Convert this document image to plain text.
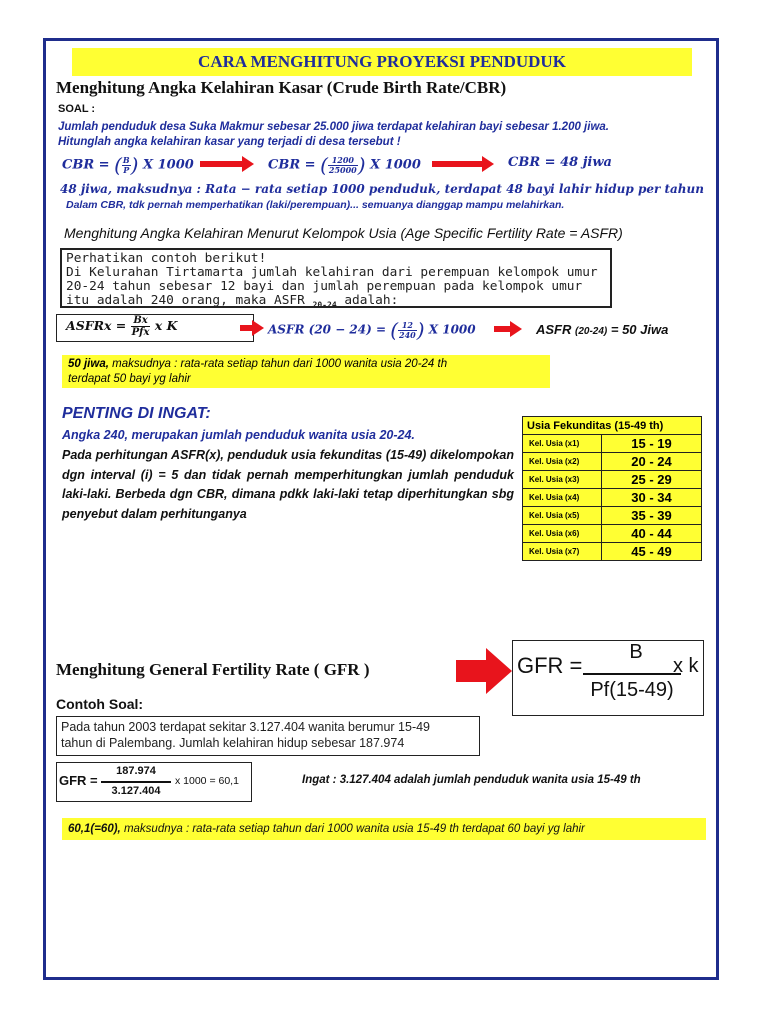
CARA MENGHITUNG PROYEKSI PENDUDUK
Menghitung Angka Kelahiran Kasar (Crude Birth Rate/CBR)
SOAL :
Jumlah penduduk desa Suka Makmur sebesar 25.000 jiwa terdapat kelahiran bayi sebesar 1.200 jiwa.
Hitunglah angka kelahiran kasar yang terjadi di desa tersebut !
CBR = ( $\frac{B}{P}$ ) X 1000	CBR = ( $\frac{1200}{25000}$ ) X 1000	CBR = 48 jiwa
48 jiwa, maksudnya : Rata − rata setiap 1000 penduduk, terdapat 48 bayi lahir hidup per tahun
Dalam CBR, tdk pernah memperhatikan (laki/perempuan)... semuanya dianggap mampu melahirkan.
Menghitung Angka Kelahiran Menurut Kelompok Usia (Age Specific Fertility Rate = ASFR)
Perhatikan contoh berikut!
Di Kelurahan Tirtamarta jumlah kelahiran dari perempuan kelompok umur
20-24 tahun sebesar 12 bayi dan jumlah perempuan pada kelompok umur
itu adalah 240 orang, maka ASFR $_{20-24}$ adalah:
ASFRx = $\frac{Bx}{\text{Pfx}}$ x K	ASFR (20 − 24) = ( $\frac{12}{240}$ ) X 1000	ASFR (20-24) = 50 Jiwa
50 jiwa, maksudnya : rata-rata setiap tahun dari 1000 wanita usia 20-24 th
terdapat 50 bayi yg lahir
PENTING DI INGAT:
Angka 240, merupakan jumlah penduduk wanita usia 20-24.
Pada perhitungan ASFR(x), penduduk usia fekunditas (15-49) dikelompokan dgn interval (i) = 5 dan tidak pernah memperhitungkan jumlah penduduk laki-laki. Berbeda dgn CBR, dimana pdkk laki-laki tetap diperhitungkan sbg penyebut dalam perhitunganya
Usia Fekunditas (15-49 th)	
Kel. Usia (x1)	15 - 19
Kel. Usia (x2)	20 - 24
Kel. Usia (x3)	25 - 29
Kel. Usia (x4)	30 - 34
Kel. Usia (x5)	35 - 39
Kel. Usia (x6)	40 - 44
Kel. Usia (x7)	45 - 49
Menghitung General Fertility Rate ( GFR )	GFR =
B
Pf(15-49)
x k
Contoh Soal:
Pada tahun 2003 terdapat sekitar 3.127.404 wanita berumur 15-49
tahun di Palembang. Jumlah kelahiran hidup sebesar 187.974
GFR =
187.974
3.127.404
x 1000 = 60,1	Ingat : 3.127.404 adalah jumlah penduduk wanita usia 15-49 th
60,1(=60), maksudnya : rata-rata setiap tahun dari 1000 wanita usia 15-49 th terdapat 60 bayi yg lahir
